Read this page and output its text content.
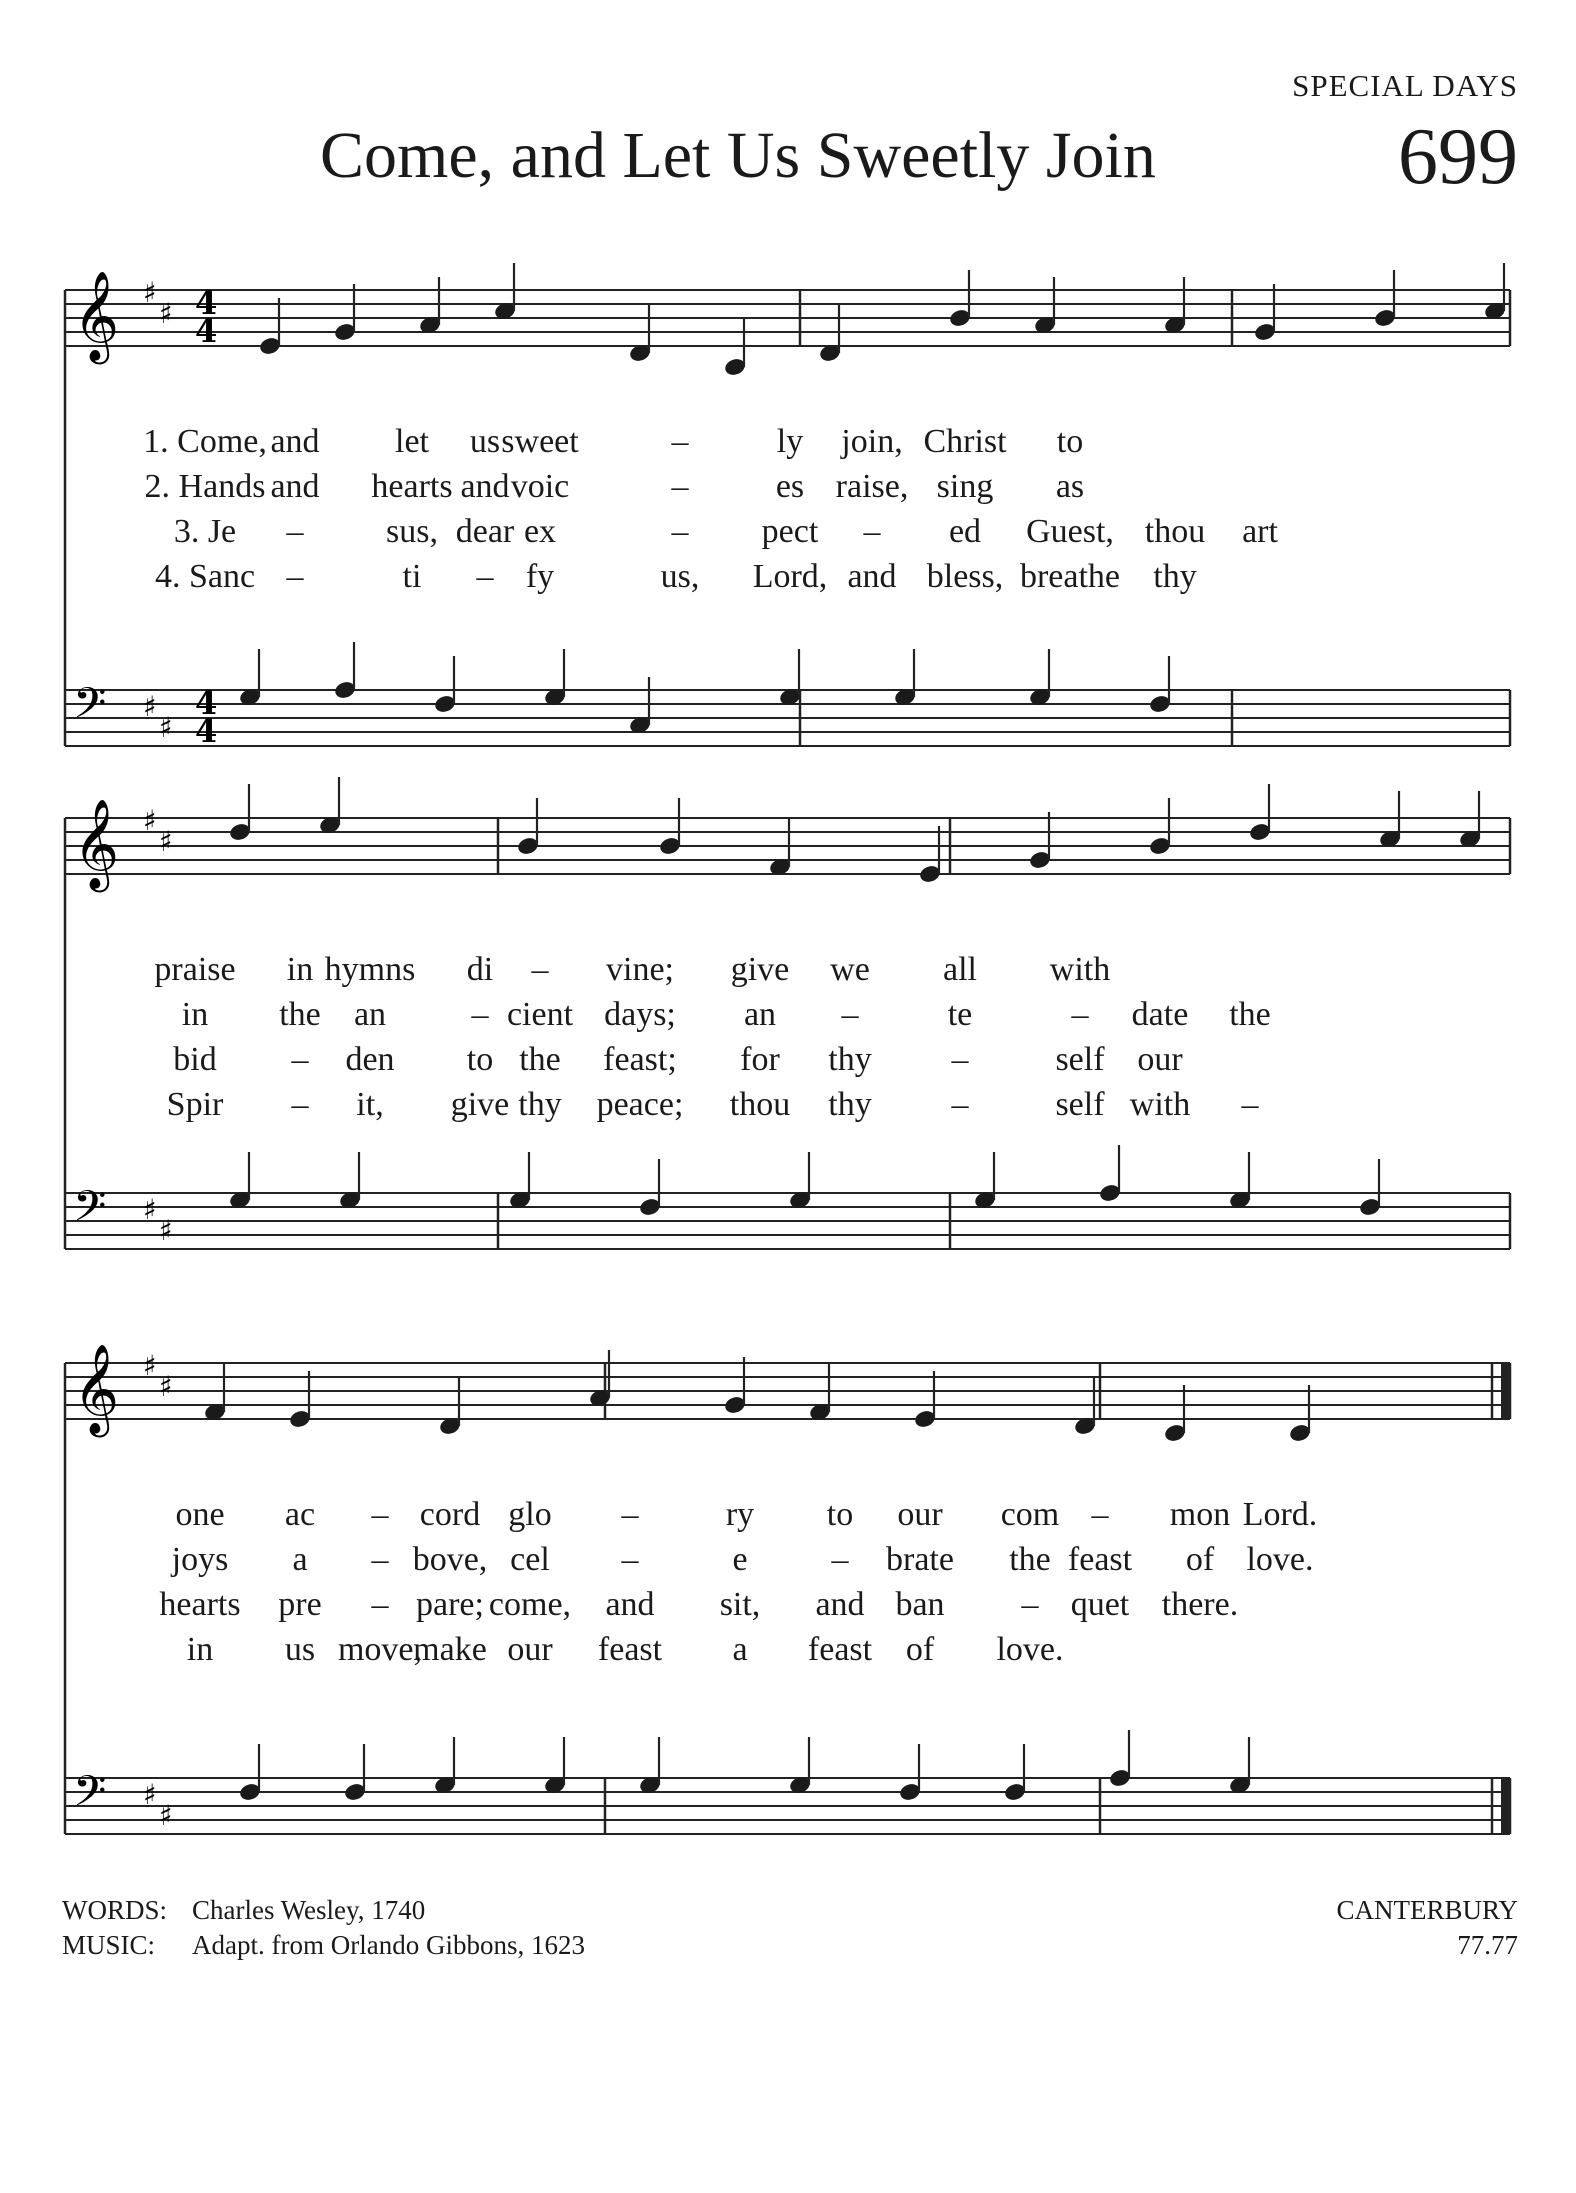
SPECIAL DAYS
Come, and Let Us Sweetly Join	699
𝄞 ♯
♯ 4
4
𝄢 ♯
♯
4
4
1. Come, and let us sweet	–	ly join, Christ to
2. Hands and hearts and voic	–	es raise, sing as
3. Je – sus, dear ex	– pect – ed Guest, thou art
4. Sanc –	ti – fy	us, Lord, and bless, breathe thy
𝄞 ♯
♯
𝄢 ♯
♯
praise in hymns di – vine; give we all with
in the an	– cient days; an –	te	– date the
bid – den to the feast; for thy –	self our
Spir – it, give thy peace; thou thy –	self with –
𝄞 ♯
♯
𝄢 ♯
♯
one ac – cord glo –	ry to our com – mon Lord.
joys a – bove, cel –	e – brate the feast of love.
hearts pre – pare; come, and sit, and ban – quet there.
in us move,
make our feast a feast of love.
WORDS: Charles Wesley, 1740
MUSIC: Adapt. from Orlando Gibbons, 1623
CANTERBURY
77.77
